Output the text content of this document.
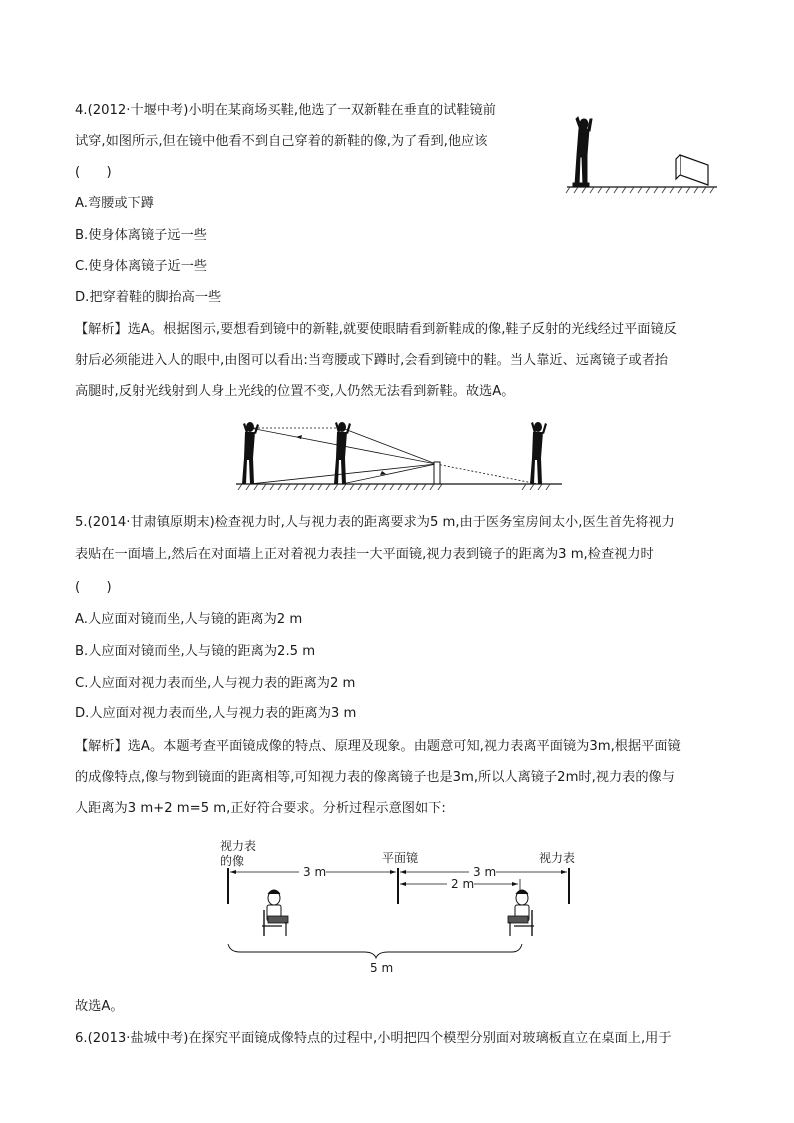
4.(2012·十堰中考)小明在某商场买鞋,他选了一双新鞋在垂直的试鞋镜前
试穿,如图所示,但在镜中他看不到自己穿着的新鞋的像,为了看到,他应该
(　　)
A.弯腰或下蹲
B.使身体离镜子远一些
C.使身体离镜子近一些
D.把穿着鞋的脚抬高一些
【解析】选A。根据图示,要想看到镜中的新鞋,就要使眼睛看到新鞋成的像,鞋子反射的光线经过平面镜反
射后必须能进入人的眼中,由图可以看出:当弯腰或下蹲时,会看到镜中的鞋。当人靠近、远离镜子或者抬
高腿时,反射光线射到人身上光线的位置不变,人仍然无法看到新鞋。故选A。
5.(2014·甘肃镇原期末)检查视力时,人与视力表的距离要求为5 m,由于医务室房间太小,医生首先将视力
表贴在一面墙上,然后在对面墙上正对着视力表挂一大平面镜,视力表到镜子的距离为3 m,检查视力时
(　　)
A.人应面对镜而坐,人与镜的距离为2 m
B.人应面对镜而坐,人与镜的距离为2.5 m
C.人应面对视力表而坐,人与视力表的距离为2 m
D.人应面对视力表而坐,人与视力表的距离为3 m
【解析】选A。本题考查平面镜成像的特点、原理及现象。由题意可知,视力表离平面镜为3m,根据平面镜
的成像特点,像与物到镜面的距离相等,可知视力表的像离镜子也是3m,所以人离镜子2m时,视力表的像与
人距离为3 m+2 m=5 m,正好符合要求。分析过程示意图如下:
视力表
的像	平面镜	视力表
3 m	3 m
2 m
5 m
故选A。
6.(2013·盐城中考)在探究平面镜成像特点的过程中,小明把四个模型分别面对玻璃板直立在桌面上,用于
